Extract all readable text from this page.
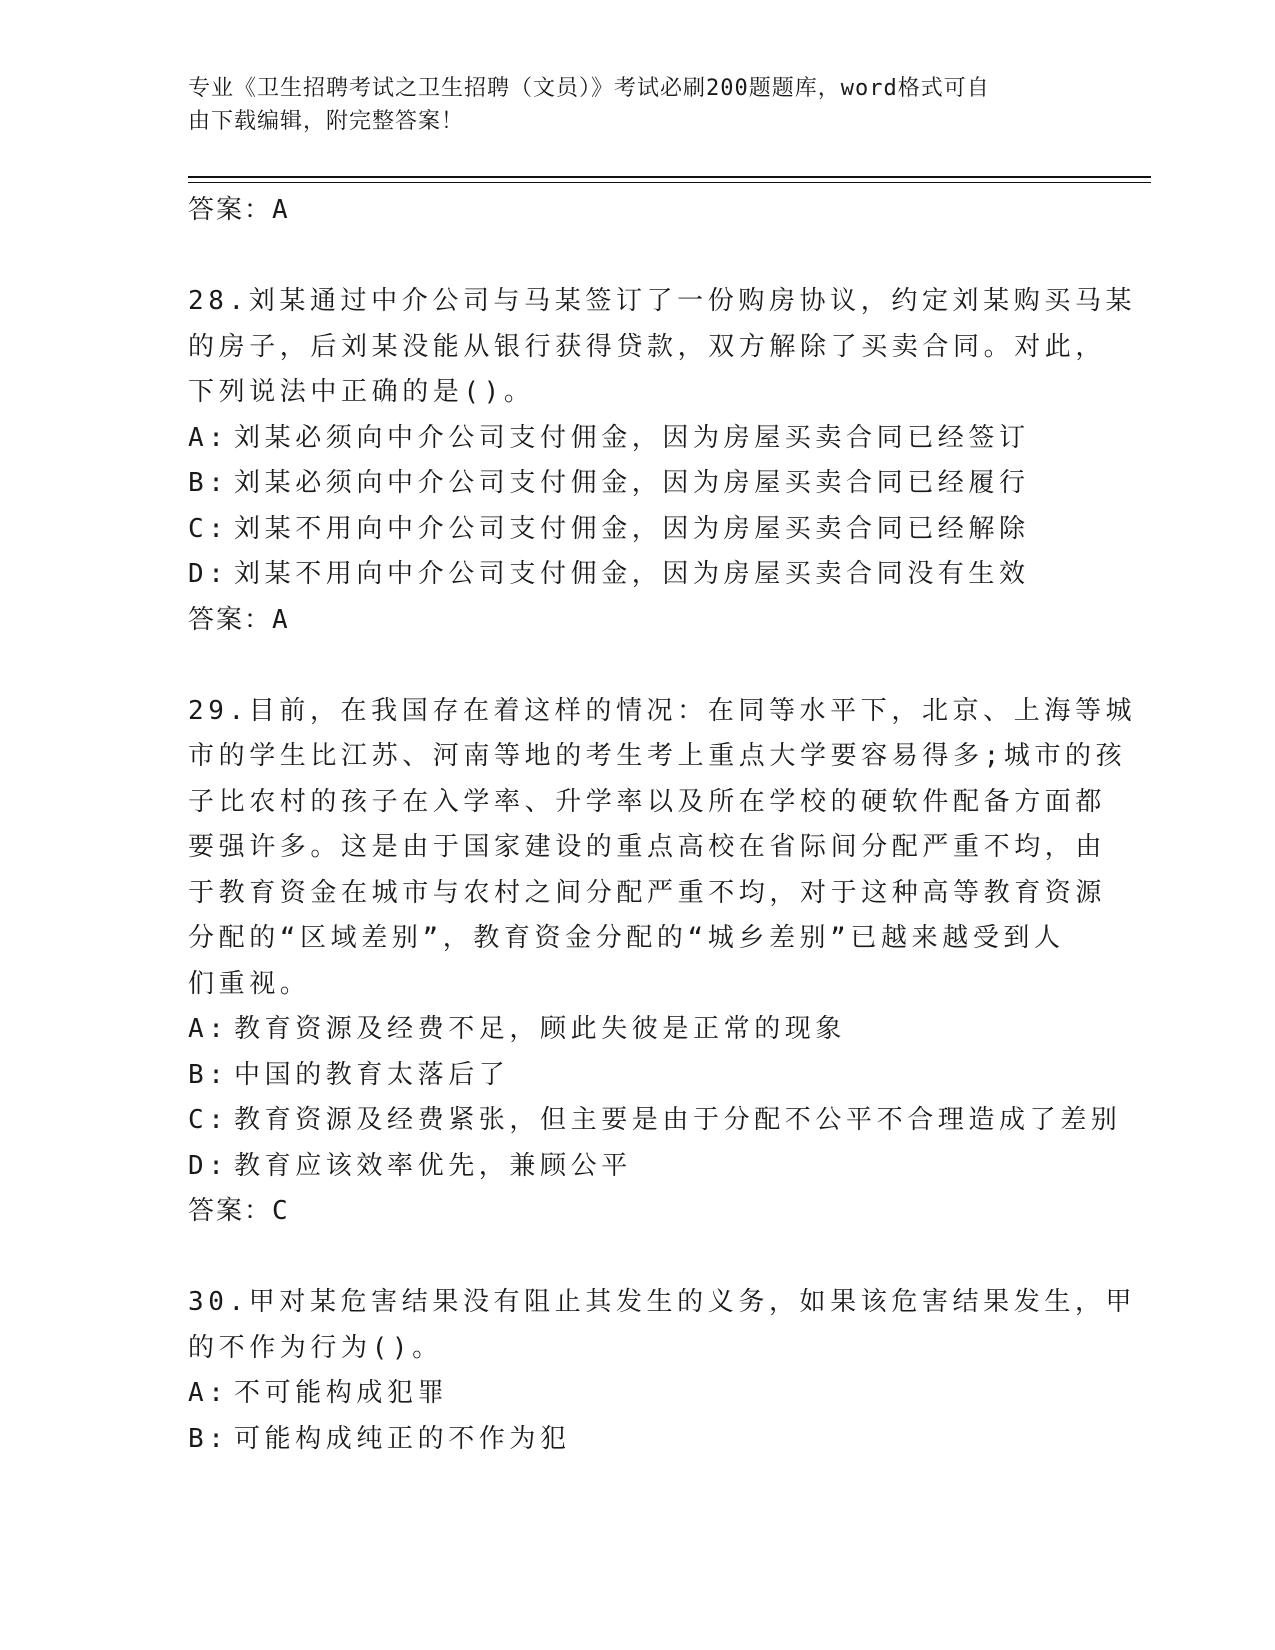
专业《卫生招聘考试之卫生招聘（文员）》考试必刷200题题库，word格式可自
由下载编辑，附完整答案！
答案：A
28.刘某通过中介公司与马某签订了一份购房协议，约定刘某购买马某
的房子，后刘某没能从银行获得贷款，双方解除了买卖合同。对此，
下列说法中正确的是()。
A: 刘某必须向中介公司支付佣金，因为房屋买卖合同已经签订
B: 刘某必须向中介公司支付佣金，因为房屋买卖合同已经履行
C: 刘某不用向中介公司支付佣金，因为房屋买卖合同已经解除
D: 刘某不用向中介公司支付佣金，因为房屋买卖合同没有生效
答案：A
29.目前，在我国存在着这样的情况：在同等水平下，北京、上海等城
市的学生比江苏、河南等地的考生考上重点大学要容易得多;城市的孩
子比农村的孩子在入学率、升学率以及所在学校的硬软件配备方面都
要强许多。这是由于国家建设的重点高校在省际间分配严重不均，由
于教育资金在城市与农村之间分配严重不均，对于这种高等教育资源
分配的“区域差别”，教育资金分配的“城乡差别”已越来越受到人
们重视。
A: 教育资源及经费不足，顾此失彼是正常的现象
B: 中国的教育太落后了
C: 教育资源及经费紧张，但主要是由于分配不公平不合理造成了差别
D: 教育应该效率优先，兼顾公平
答案：C
30.甲对某危害结果没有阻止其发生的义务，如果该危害结果发生，甲
的不作为行为()。
A: 不可能构成犯罪
B: 可能构成纯正的不作为犯
